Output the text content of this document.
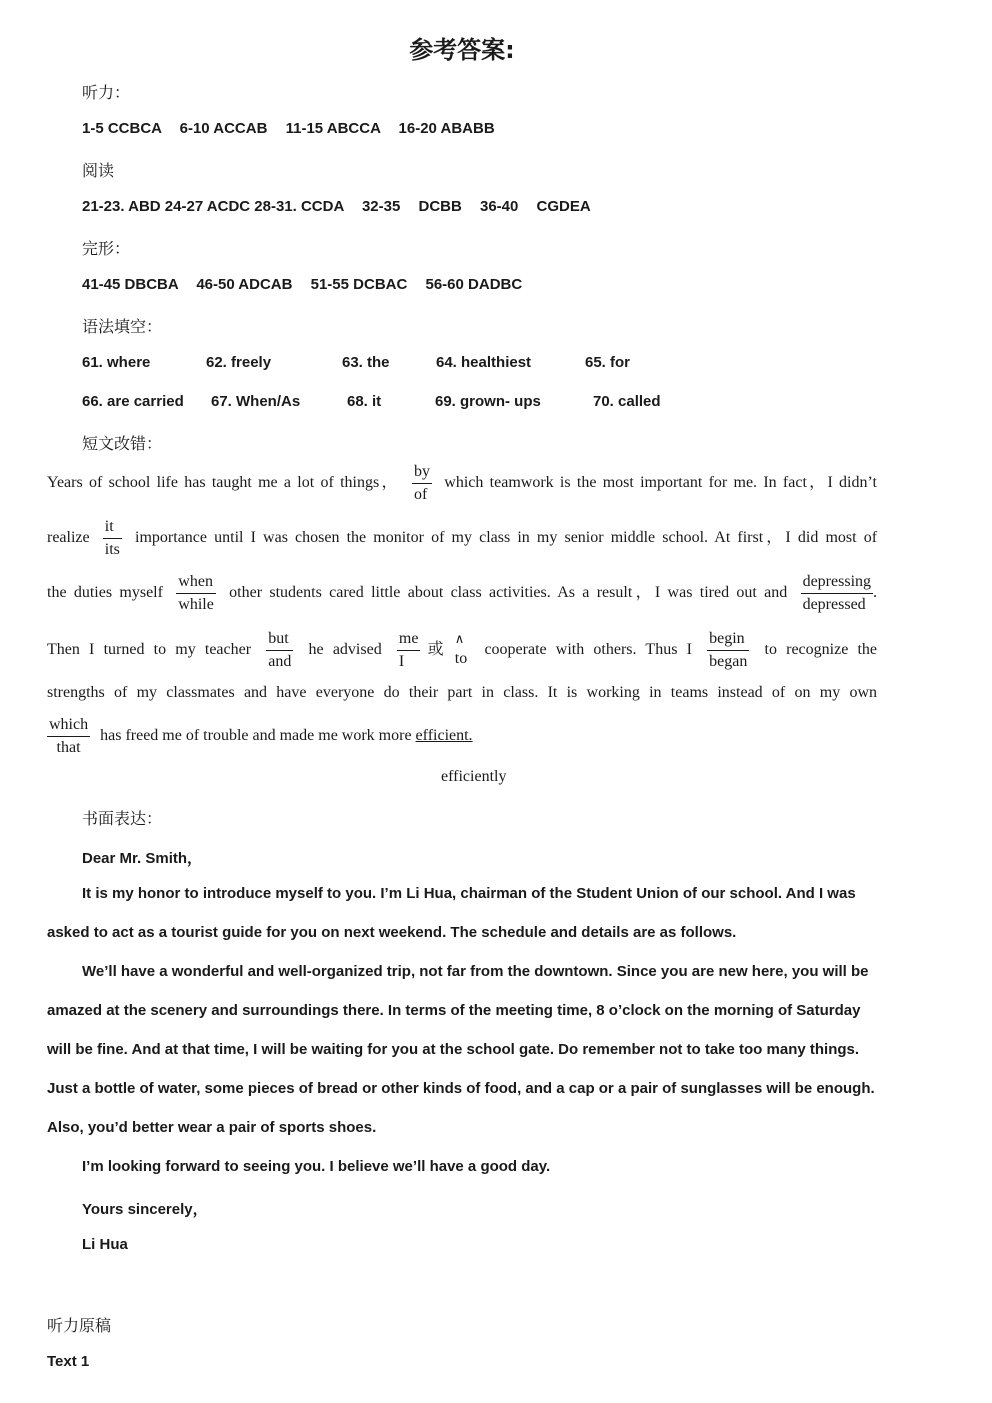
参考答案:
听力：
1-5 CCBCA 6-10 ACCAB 11-15 ABCCA 16-20 ABABB
阅读
21-23. ABD 24-27 ACDC 28-31. CCDA 32-35 DCBB 36-40 CGDEA
完形：
41-45 DBCBA 46-50 ADCAB 51-55 DCBAC 56-60 DADBC
语法填空：
61. where	62. freely	63. the	64. healthiest	65. for
66. are carried 67. When/As	68. it	69. grown- ups	70. called
短文改错：
Years of school life has taught me a lot of things， $\frac{by}{of}$ which teamwork is the most important for me. In fact，I didn’t
realize $\frac{it}{\text{its}}$ importance until I was chosen the monitor of my class in my senior middle school. At first，I did most of
the duties myself $\frac{\text{when}}{\text{while}}$ other students cared little about class activities. As a result，I was tired out and $\frac{\text{depressing}}{\text{depressed}}$ .
Then I turned to my teacher $\frac{\text{but}}{\text{and}}$ he advised $\frac{me}{I}$ 或
∧
to
cooperate with others. Thus I $\frac{\text{begin}}{\text{began}}$ to recognize the
strengths of my classmates and have everyone do their part in class. It is working in teams instead of on my own
$\frac{\text{which}}{\text{that}}$ has freed me of trouble and made me work more efficient.
efficiently
书面表达：
Dear Mr. Smith，
It is my honor to introduce myself to you. I’m Li Hua, chairman of the Student Union of our school. And I was
asked to act as a tourist guide for you on next weekend. The schedule and details are as follows.
We’ll have a wonderful and well-organized trip, not far from the downtown. Since you are new here, you will be
amazed at the scenery and surroundings there. In terms of the meeting time, 8 o’clock on the morning of Saturday
will be fine. And at that time, I will be waiting for you at the school gate. Do remember not to take too many things.
Just a bottle of water, some pieces of bread or other kinds of food, and a cap or a pair of sunglasses will be enough.
Also, you’d better wear a pair of sports shoes.
I’m looking forward to seeing you. I believe we’ll have a good day.
Yours sincerely，
Li Hua
听力原稿
Text 1
